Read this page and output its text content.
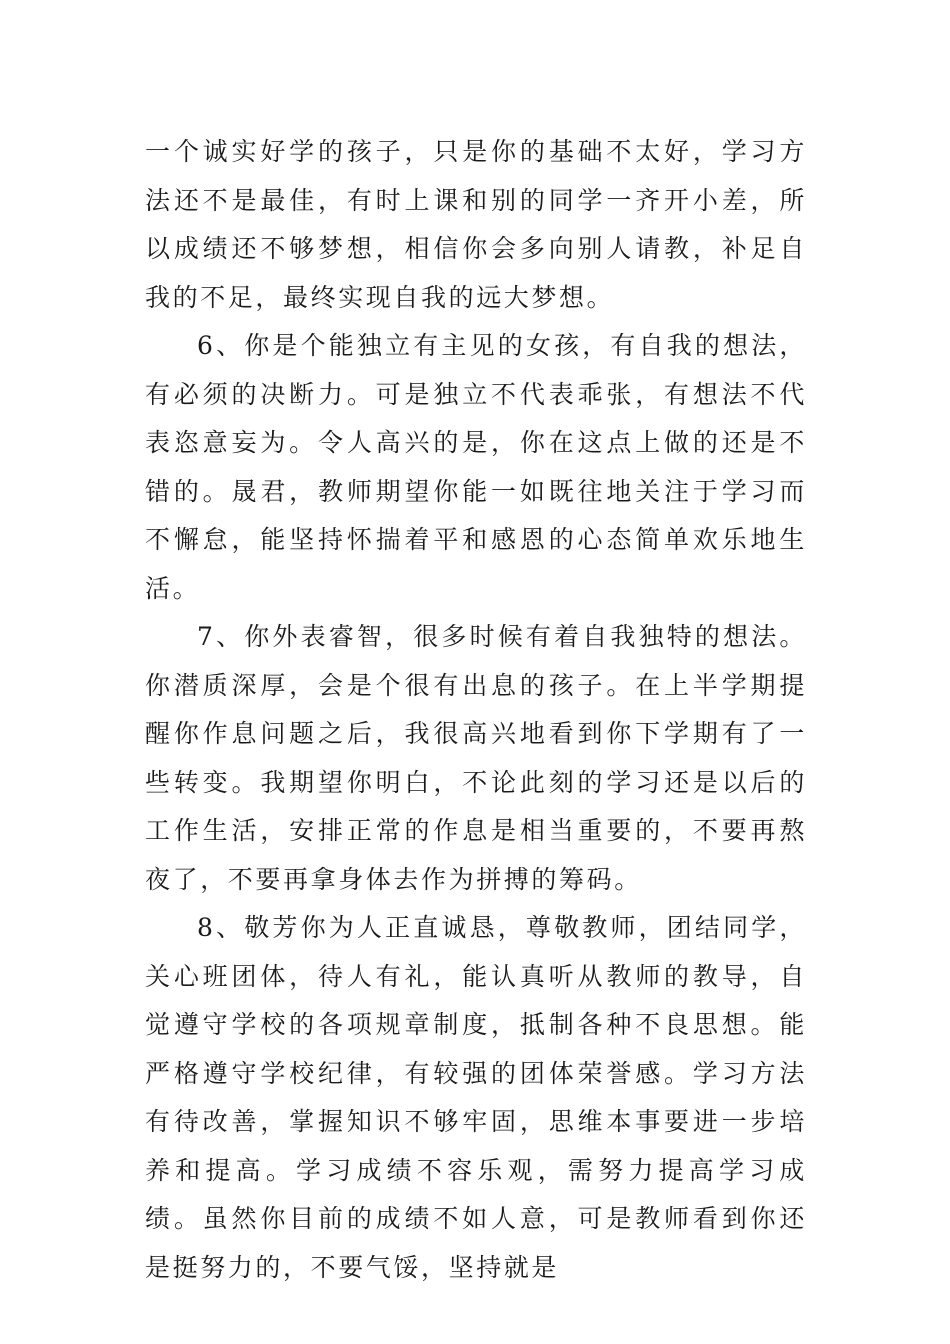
一个诚实好学的孩子，只是你的基础不太好，学习方法还不是最佳，有时上课和别的同学一齐开小差，所以成绩还不够梦想，相信你会多向别人请教，补足自我的不足，最终实现自我的远大梦想。

6、你是个能独立有主见的女孩，有自我的想法，有必须的决断力。可是独立不代表乖张，有想法不代表恣意妄为。令人高兴的是，你在这点上做的还是不错的。晟君，教师期望你能一如既往地关注于学习而不懈怠，能坚持怀揣着平和感恩的心态简单欢乐地生活。

7、你外表睿智，很多时候有着自我独特的想法。你潜质深厚，会是个很有出息的孩子。在上半学期提醒你作息问题之后，我很高兴地看到你下学期有了一些转变。我期望你明白，不论此刻的学习还是以后的工作生活，安排正常的作息是相当重要的，不要再熬夜了，不要再拿身体去作为拼搏的筹码。

8、敬芳你为人正直诚恳，尊敬教师，团结同学，关心班团体，待人有礼，能认真听从教师的教导，自觉遵守学校的各项规章制度，抵制各种不良思想。能严格遵守学校纪律，有较强的团体荣誉感。学习方法有待改善，掌握知识不够牢固，思维本事要进一步培养和提高。学习成绩不容乐观，需努力提高学习成绩。虽然你目前的成绩不如人意，可是教师看到你还是挺努力的，不要气馁，坚持就是
